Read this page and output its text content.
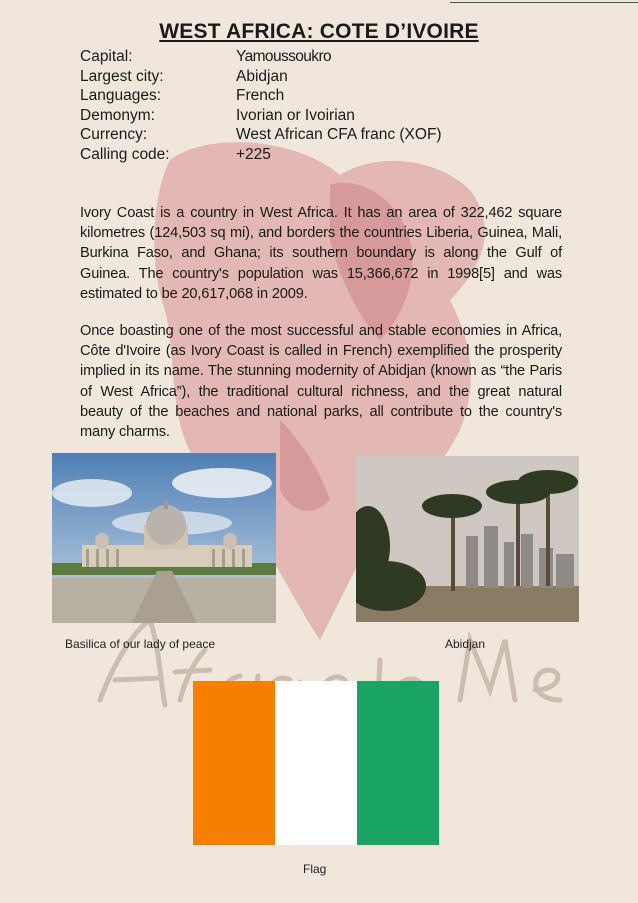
WEST AFRICA: COTE D’IVOIRE
Capital:	Yamoussoukro
Largest city:	Abidjan
Languages:	French
Demonym:	Ivorian or Ivoirian
Currency:	West African CFA franc (XOF)
Calling code:	+225
Ivory Coast is a country in West Africa. It has an area of 322,462 square kilometres (124,503 sq mi), and borders the countries Liberia, Guinea, Mali, Burkina Faso, and Ghana; its southern boundary is along the Gulf of Guinea. The country's population was 15,366,672 in 1998[5] and was estimated to be 20,617,068 in 2009.
Once boasting one of the most successful and stable economies in Africa, Côte d'Ivoire (as Ivory Coast is called in French) exemplified the prosperity implied in its name. The stunning modernity of Abidjan (known as “the Paris of West Africa”), the traditional cultural richness, and the great natural beauty of the beaches and national parks, all contribute to the country's many charms.
Basilica of our lady of peace	Abidjan
Flag
